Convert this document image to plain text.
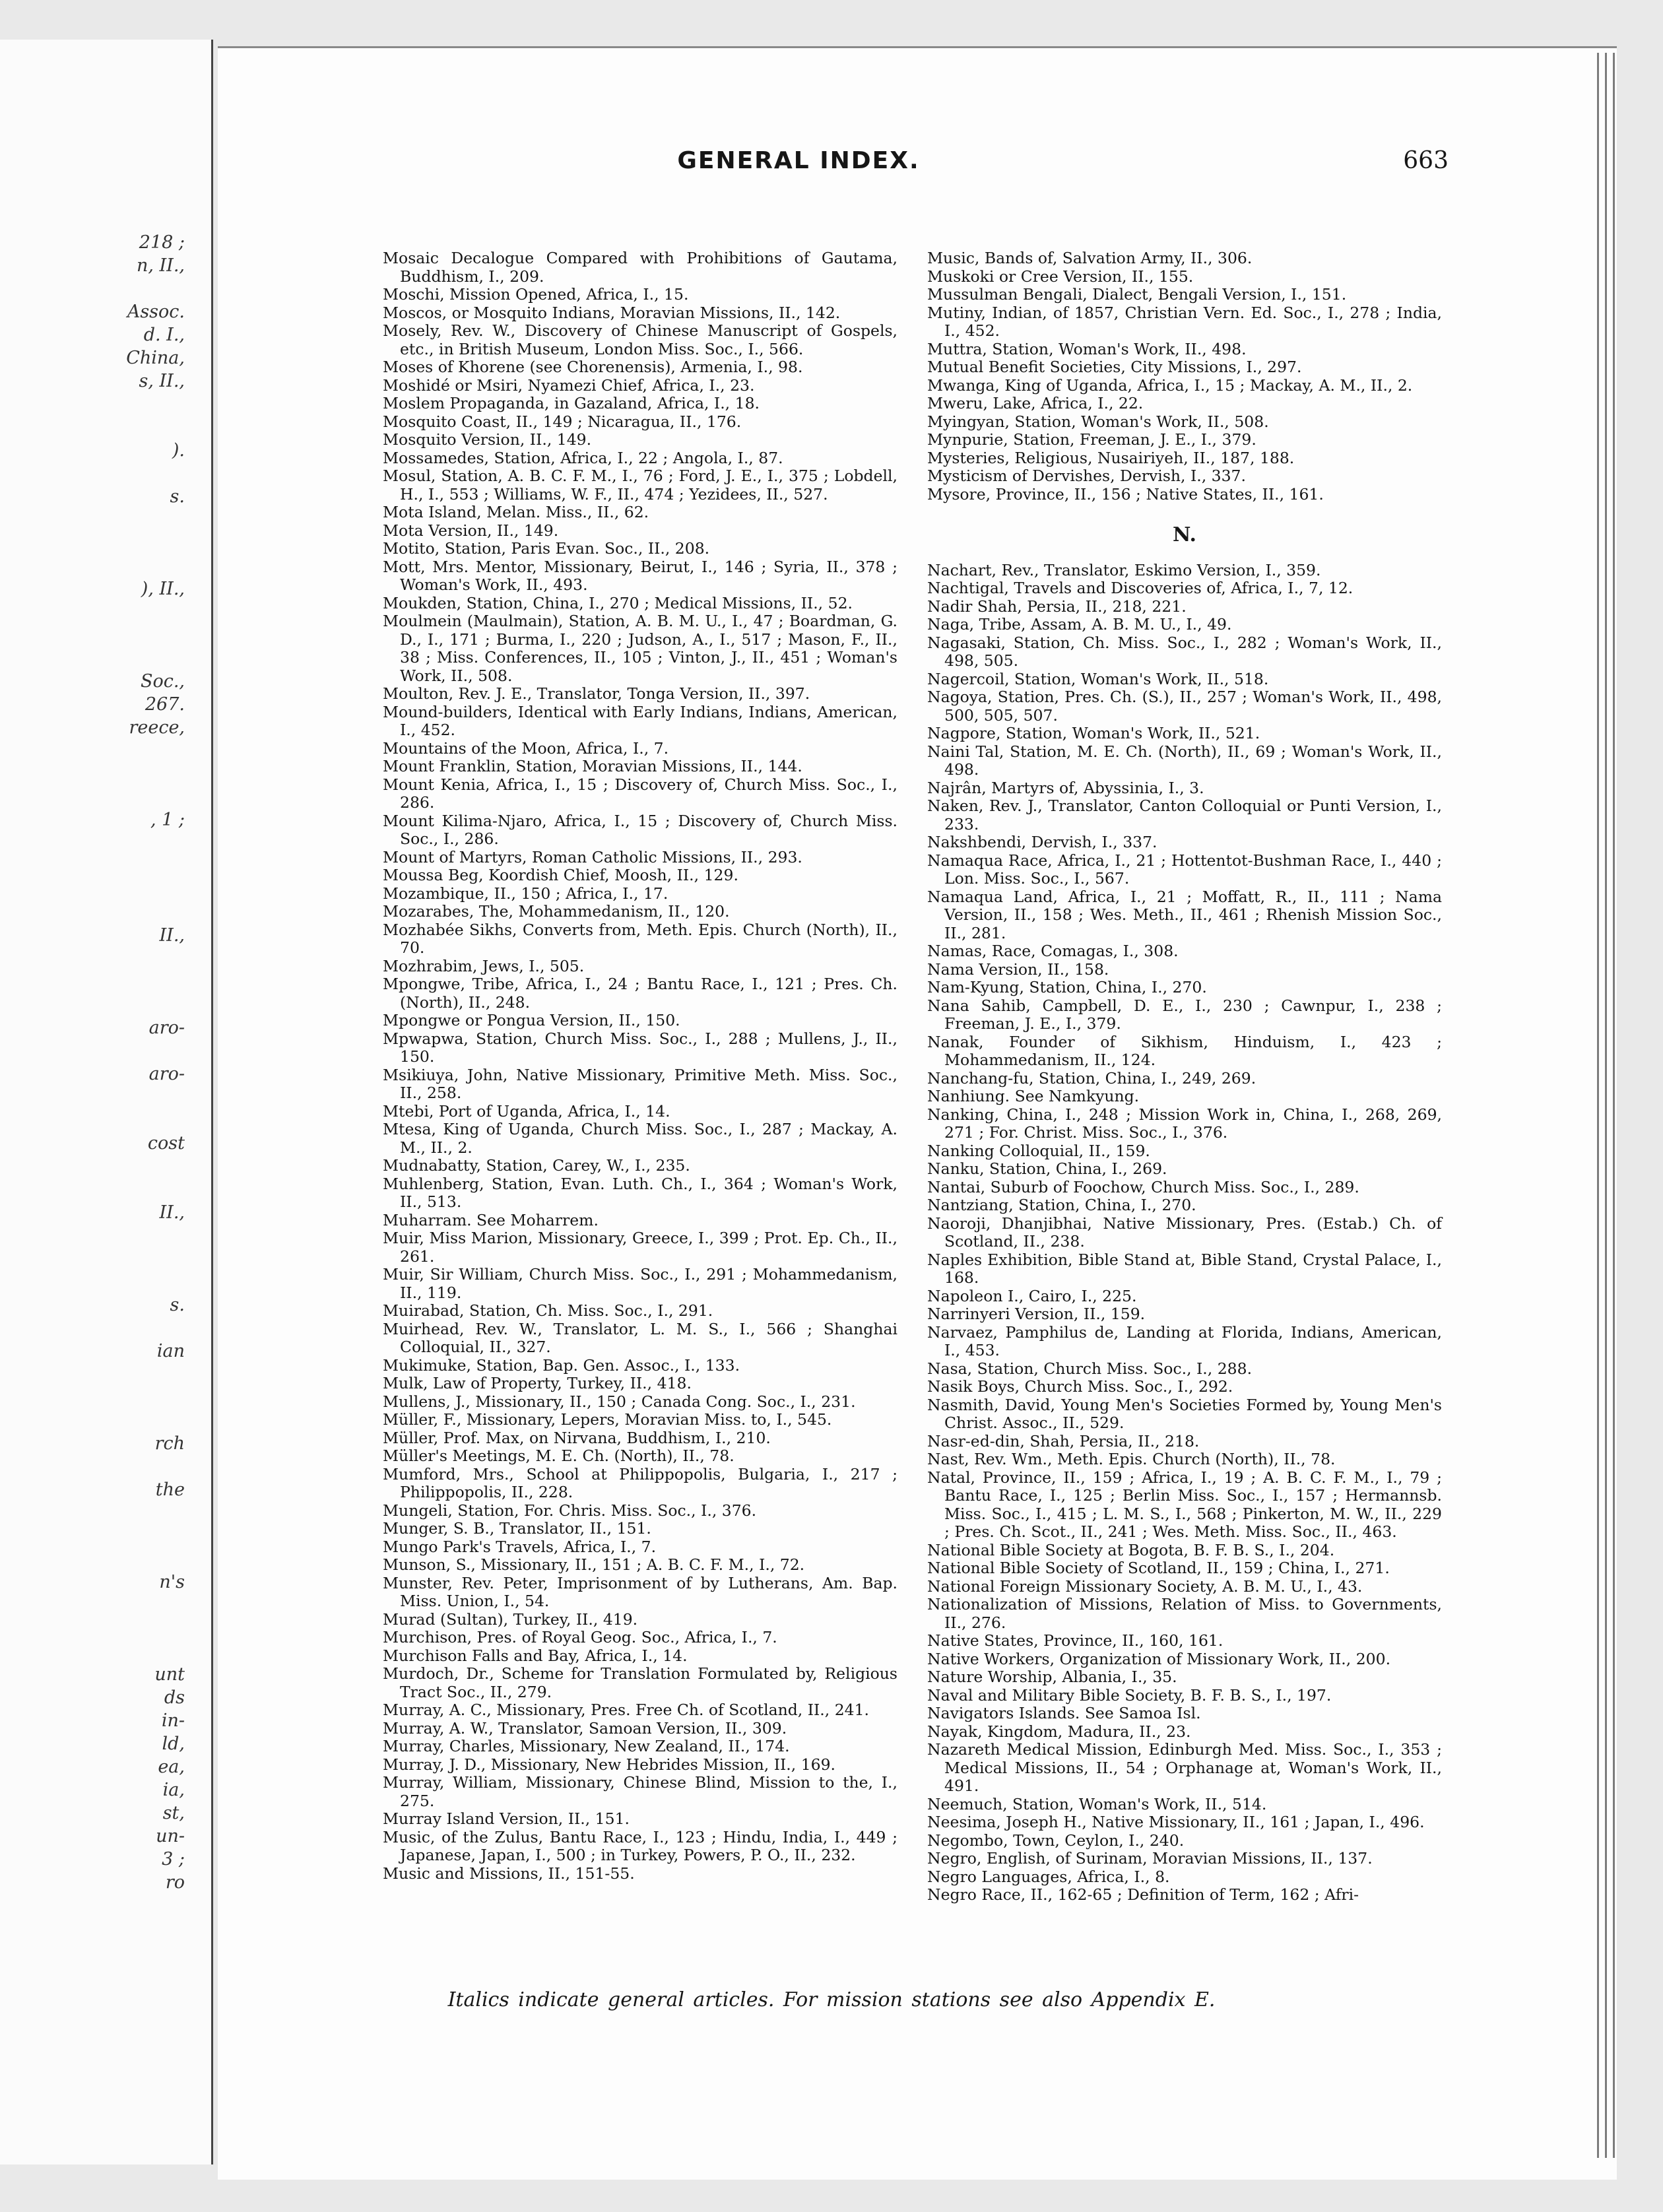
218 ;
n, II.,
Assoc.
d. I.,
China,
s, II.,
).
s.
), II.,
Soc.,
267.
reece,
, 1 ;
II.,
aro-
aro-
cost
II.,
s.
ian
rch
the
n's
unt
ds
in-
ld,
ea,
ia,
st,
un-
3 ;
ro
GENERAL INDEX.	663
Mosaic Decalogue Compared with Prohibitions of Gautama, Buddhism, I., 209.
Moschi, Mission Opened, Africa, I., 15.
Moscos, or Mosquito Indians, Moravian Missions, II., 142.
Mosely, Rev. W., Discovery of Chinese Manuscript of Gospels, etc., in British Museum, London Miss. Soc., I., 566.
Moses of Khorene (see Chorenensis), Armenia, I., 98.
Moshidé or Msiri, Nyamezi Chief, Africa, I., 23.
Moslem Propaganda, in Gazaland, Africa, I., 18.
Mosquito Coast, II., 149 ; Nicaragua, II., 176.
Mosquito Version, II., 149.
Mossamedes, Station, Africa, I., 22 ; Angola, I., 87.
Mosul, Station, A. B. C. F. M., I., 76 ; Ford, J. E., I., 375 ; Lobdell, H., I., 553 ; Williams, W. F., II., 474 ; Yezidees, II., 527.
Mota Island, Melan. Miss., II., 62.
Mota Version, II., 149.
Motito, Station, Paris Evan. Soc., II., 208.
Mott, Mrs. Mentor, Missionary, Beirut, I., 146 ; Syria, II., 378 ; Woman's Work, II., 493.
Moukden, Station, China, I., 270 ; Medical Missions, II., 52.
Moulmein (Maulmain), Station, A. B. M. U., I., 47 ; Boardman, G. D., I., 171 ; Burma, I., 220 ; Judson, A., I., 517 ; Mason, F., II., 38 ; Miss. Conferences, II., 105 ; Vinton, J., II., 451 ; Woman's Work, II., 508.
Moulton, Rev. J. E., Translator, Tonga Version, II., 397.
Mound-builders, Identical with Early Indians, Indians, American, I., 452.
Mountains of the Moon, Africa, I., 7.
Mount Franklin, Station, Moravian Missions, II., 144.
Mount Kenia, Africa, I., 15 ; Discovery of, Church Miss. Soc., I., 286.
Mount Kilima-Njaro, Africa, I., 15 ; Discovery of, Church Miss. Soc., I., 286.
Mount of Martyrs, Roman Catholic Missions, II., 293.
Moussa Beg, Koordish Chief, Moosh, II., 129.
Mozambique, II., 150 ; Africa, I., 17.
Mozarabes, The, Mohammedanism, II., 120.
Mozhabée Sikhs, Converts from, Meth. Epis. Church (North), II., 70.
Mozhrabim, Jews, I., 505.
Mpongwe, Tribe, Africa, I., 24 ; Bantu Race, I., 121 ; Pres. Ch. (North), II., 248.
Mpongwe or Pongua Version, II., 150.
Mpwapwa, Station, Church Miss. Soc., I., 288 ; Mullens, J., II., 150.
Msikiuya, John, Native Missionary, Primitive Meth. Miss. Soc., II., 258.
Mtebi, Port of Uganda, Africa, I., 14.
Mtesa, King of Uganda, Church Miss. Soc., I., 287 ; Mackay, A. M., II., 2.
Mudnabatty, Station, Carey, W., I., 235.
Muhlenberg, Station, Evan. Luth. Ch., I., 364 ; Woman's Work, II., 513.
Muharram. See Moharrem.
Muir, Miss Marion, Missionary, Greece, I., 399 ; Prot. Ep. Ch., II., 261.
Muir, Sir William, Church Miss. Soc., I., 291 ; Mohammedanism, II., 119.
Muirabad, Station, Ch. Miss. Soc., I., 291.
Muirhead, Rev. W., Translator, L. M. S., I., 566 ; Shanghai Colloquial, II., 327.
Mukimuke, Station, Bap. Gen. Assoc., I., 133.
Mulk, Law of Property, Turkey, II., 418.
Mullens, J., Missionary, II., 150 ; Canada Cong. Soc., I., 231.
Müller, F., Missionary, Lepers, Moravian Miss. to, I., 545.
Müller, Prof. Max, on Nirvana, Buddhism, I., 210.
Müller's Meetings, M. E. Ch. (North), II., 78.
Mumford, Mrs., School at Philippopolis, Bulgaria, I., 217 ; Philippopolis, II., 228.
Mungeli, Station, For. Chris. Miss. Soc., I., 376.
Munger, S. B., Translator, II., 151.
Mungo Park's Travels, Africa, I., 7.
Munson, S., Missionary, II., 151 ; A. B. C. F. M., I., 72.
Munster, Rev. Peter, Imprisonment of by Lutherans, Am. Bap. Miss. Union, I., 54.
Murad (Sultan), Turkey, II., 419.
Murchison, Pres. of Royal Geog. Soc., Africa, I., 7.
Murchison Falls and Bay, Africa, I., 14.
Murdoch, Dr., Scheme for Translation Formulated by, Religious Tract Soc., II., 279.
Murray, A. C., Missionary, Pres. Free Ch. of Scotland, II., 241.
Murray, A. W., Translator, Samoan Version, II., 309.
Murray, Charles, Missionary, New Zealand, II., 174.
Murray, J. D., Missionary, New Hebrides Mission, II., 169.
Murray, William, Missionary, Chinese Blind, Mission to the, I., 275.
Murray Island Version, II., 151.
Music, of the Zulus, Bantu Race, I., 123 ; Hindu, India, I., 449 ; Japanese, Japan, I., 500 ; in Turkey, Powers, P. O., II., 232.
Music and Missions, II., 151-55.
Music, Bands of, Salvation Army, II., 306.
Muskoki or Cree Version, II., 155.
Mussulman Bengali, Dialect, Bengali Version, I., 151.
Mutiny, Indian, of 1857, Christian Vern. Ed. Soc., I., 278 ; India, I., 452.
Muttra, Station, Woman's Work, II., 498.
Mutual Benefit Societies, City Missions, I., 297.
Mwanga, King of Uganda, Africa, I., 15 ; Mackay, A. M., II., 2.
Mweru, Lake, Africa, I., 22.
Myingyan, Station, Woman's Work, II., 508.
Mynpurie, Station, Freeman, J. E., I., 379.
Mysteries, Religious, Nusairiyeh, II., 187, 188.
Mysticism of Dervishes, Dervish, I., 337.
Mysore, Province, II., 156 ; Native States, II., 161.
N.
Nachart, Rev., Translator, Eskimo Version, I., 359.
Nachtigal, Travels and Discoveries of, Africa, I., 7, 12.
Nadir Shah, Persia, II., 218, 221.
Naga, Tribe, Assam, A. B. M. U., I., 49.
Nagasaki, Station, Ch. Miss. Soc., I., 282 ; Woman's Work, II., 498, 505.
Nagercoil, Station, Woman's Work, II., 518.
Nagoya, Station, Pres. Ch. (S.), II., 257 ; Woman's Work, II., 498, 500, 505, 507.
Nagpore, Station, Woman's Work, II., 521.
Naini Tal, Station, M. E. Ch. (North), II., 69 ; Woman's Work, II., 498.
Najrân, Martyrs of, Abyssinia, I., 3.
Naken, Rev. J., Translator, Canton Colloquial or Punti Version, I., 233.
Nakshbendi, Dervish, I., 337.
Namaqua Race, Africa, I., 21 ; Hottentot-Bushman Race, I., 440 ; Lon. Miss. Soc., I., 567.
Namaqua Land, Africa, I., 21 ; Moffatt, R., II., 111 ; Nama Version, II., 158 ; Wes. Meth., II., 461 ; Rhenish Mission Soc., II., 281.
Namas, Race, Comagas, I., 308.
Nama Version, II., 158.
Nam-Kyung, Station, China, I., 270.
Nana Sahib, Campbell, D. E., I., 230 ; Cawnpur, I., 238 ; Freeman, J. E., I., 379.
Nanak, Founder of Sikhism, Hinduism, I., 423 ; Mohammedanism, II., 124.
Nanchang-fu, Station, China, I., 249, 269.
Nanhiung. See Namkyung.
Nanking, China, I., 248 ; Mission Work in, China, I., 268, 269, 271 ; For. Christ. Miss. Soc., I., 376.
Nanking Colloquial, II., 159.
Nanku, Station, China, I., 269.
Nantai, Suburb of Foochow, Church Miss. Soc., I., 289.
Nantziang, Station, China, I., 270.
Naoroji, Dhanjibhai, Native Missionary, Pres. (Estab.) Ch. of Scotland, II., 238.
Naples Exhibition, Bible Stand at, Bible Stand, Crystal Palace, I., 168.
Napoleon I., Cairo, I., 225.
Narrinyeri Version, II., 159.
Narvaez, Pamphilus de, Landing at Florida, Indians, American, I., 453.
Nasa, Station, Church Miss. Soc., I., 288.
Nasik Boys, Church Miss. Soc., I., 292.
Nasmith, David, Young Men's Societies Formed by, Young Men's Christ. Assoc., II., 529.
Nasr-ed-din, Shah, Persia, II., 218.
Nast, Rev. Wm., Meth. Epis. Church (North), II., 78.
Natal, Province, II., 159 ; Africa, I., 19 ; A. B. C. F. M., I., 79 ; Bantu Race, I., 125 ; Berlin Miss. Soc., I., 157 ; Hermannsb. Miss. Soc., I., 415 ; L. M. S., I., 568 ; Pinkerton, M. W., II., 229 ; Pres. Ch. Scot., II., 241 ; Wes. Meth. Miss. Soc., II., 463.
National Bible Society at Bogota, B. F. B. S., I., 204.
National Bible Society of Scotland, II., 159 ; China, I., 271.
National Foreign Missionary Society, A. B. M. U., I., 43.
Nationalization of Missions, Relation of Miss. to Governments, II., 276.
Native States, Province, II., 160, 161.
Native Workers, Organization of Missionary Work, II., 200.
Nature Worship, Albania, I., 35.
Naval and Military Bible Society, B. F. B. S., I., 197.
Navigators Islands. See Samoa Isl.
Nayak, Kingdom, Madura, II., 23.
Nazareth Medical Mission, Edinburgh Med. Miss. Soc., I., 353 ; Medical Missions, II., 54 ; Orphanage at, Woman's Work, II., 491.
Neemuch, Station, Woman's Work, II., 514.
Neesima, Joseph H., Native Missionary, II., 161 ; Japan, I., 496.
Negombo, Town, Ceylon, I., 240.
Negro, English, of Surinam, Moravian Missions, II., 137.
Negro Languages, Africa, I., 8.
Negro Race, II., 162-65 ; Definition of Term, 162 ; Afri-
Italics indicate general articles. For mission stations see also Appendix E.
